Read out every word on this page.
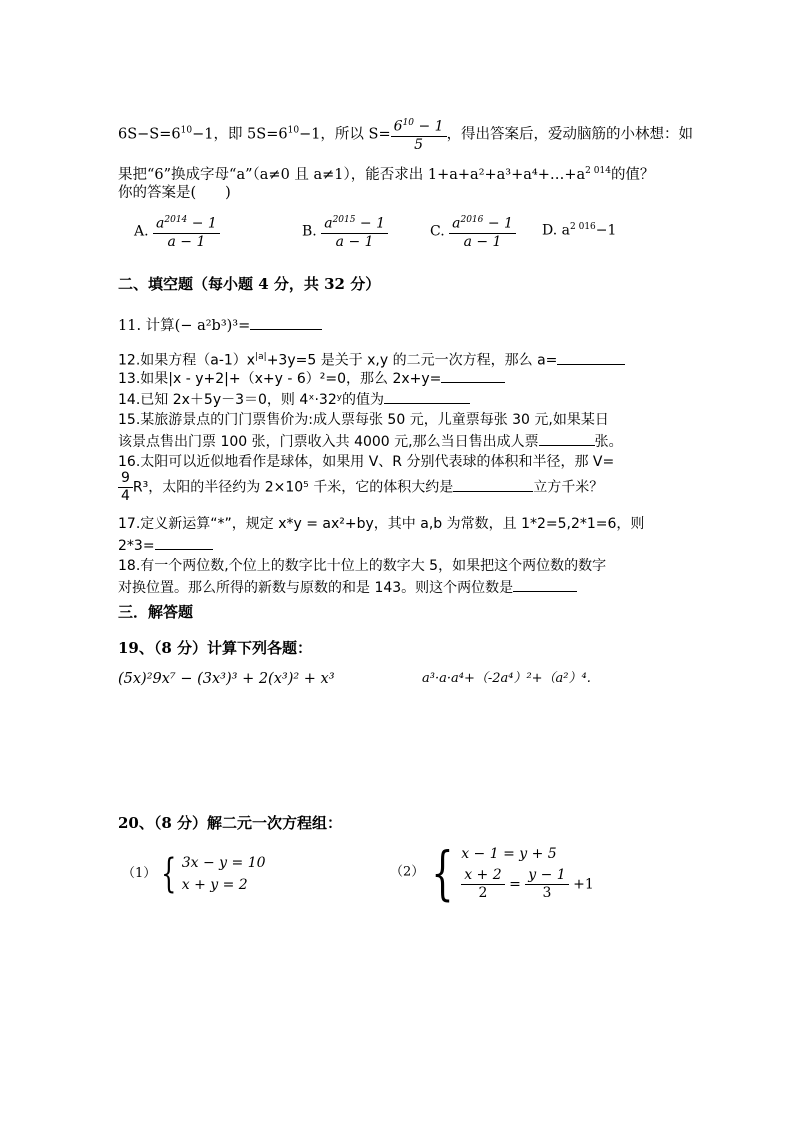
$6S-S=6^{10}-1$，即 $5S=6^{10}-1$，所以 $S= \frac{6^{10} - 1}{5}$ ，得出答案后，爱动脑筋的小林想：如
果把“6”换成字母“a”（a≠0 且 a≠1），能否求出 $1+a+a^2+a^3+a^4+\dots+a^{2 014}$的值？
你的答案是(　　)
A. $\frac{a^{2014} - 1}{a - 1}$	B. $\frac{a^{2015} - 1}{a - 1}$	C. $\frac{a^{2016} - 1}{a - 1} D$. $a^{2 016}-1$
二、填空题（每小题 4 分，共 32 分）
11. 计算(− a²b³)³=
12.如果方程$(a-1)x^{|a|}+3y=5$ 是关于 x,y 的二元一次方程，那么 a=
13.如果|x - y+2|+（x+y - 6）²=0，那么 2x+y=
14.已知 2x＋5y－3＝0，则 4ˣ·32ʸ的值为
15.某旅游景点的门门票售价为:成人票每张 50 元，儿童票每张 30 元,如果某日
该景点售出门票 100 张，门票收入共 4000 元,那么当日售出成人票	张。
16.太阳可以近似地看作是球体，如果用 V、R 分别代表球的体积和半径，那 V=
$\frac{9}{4} R^3$，太阳的半径约为 2×10⁵ 千米，它的体积大约是	立方千米？
17.定义新运算“*”，规定 x*y = ax²+by，其中 a,b 为常数，且 1*2=5,2*1=6，则
2*3=
18.有一个两位数,个位上的数字比十位上的数字大 5，如果把这个两位数的数字
对换位置。那么所得的新数与原数的和是 143。则这个两位数是
三．解答题
19、（8 分）计算下列各题：
(5x)²9x⁷ − (3x³)³ + 2(x³)² + x³	a³·a·a⁴+（-2a⁴）²+（a²）⁴.
20、（8 分）解二元一次方程组：
（1） { 3x − y = 10
x + y = 2
（2） { x − 1 = y + 5
$\frac{x + 2}{2} = \frac{y - 1}{3} +1$
